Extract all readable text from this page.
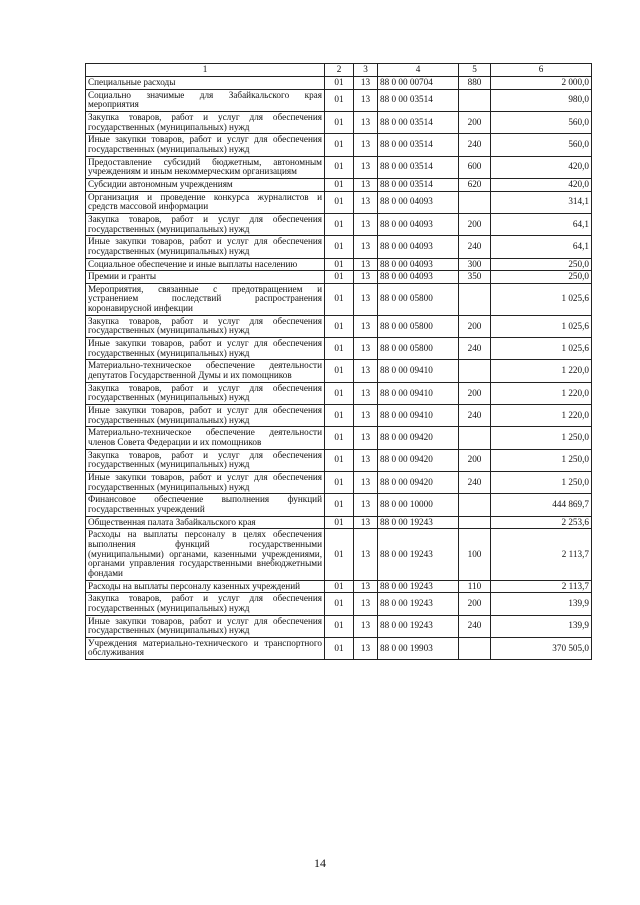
1	2	3	4	5	6
Специальные расходы	01	13	88 0 00 00704	880	2 000,0
Социально значимые для Забайкальского края мероприятия	01	13	88 0 00 03514		980,0
Закупка товаров, работ и услуг для обеспечения государственных (муниципальных) нужд	01	13	88 0 00 03514	200	560,0
Иные закупки товаров, работ и услуг для обеспечения государственных (муниципальных) нужд	01	13	88 0 00 03514	240	560,0
Предоставление субсидий бюджетным, автономным учреждениям и иным некоммерческим организациям	01	13	88 0 00 03514	600	420,0
Субсидии автономным учреждениям	01	13	88 0 00 03514	620	420,0
Организация и проведение конкурса журналистов и средств массовой информации	01	13	88 0 00 04093		314,1
Закупка товаров, работ и услуг для обеспечения государственных (муниципальных) нужд	01	13	88 0 00 04093	200	64,1
Иные закупки товаров, работ и услуг для обеспечения государственных (муниципальных) нужд	01	13	88 0 00 04093	240	64,1
Социальное обеспечение и иные выплаты населению	01	13	88 0 00 04093	300	250,0
Премии и гранты	01	13	88 0 00 04093	350	250,0
Мероприятия, связанные с предотвращением и устранением последствий распространения коронавирусной инфекции	01	13	88 0 00 05800		1 025,6
Закупка товаров, работ и услуг для обеспечения государственных (муниципальных) нужд	01	13	88 0 00 05800	200	1 025,6
Иные закупки товаров, работ и услуг для обеспечения государственных (муниципальных) нужд	01	13	88 0 00 05800	240	1 025,6
Материально-техническое обеспечение деятельности депутатов Государственной Думы и их помощников	01	13	88 0 00 09410		1 220,0
Закупка товаров, работ и услуг для обеспечения государственных (муниципальных) нужд	01	13	88 0 00 09410	200	1 220,0
Иные закупки товаров, работ и услуг для обеспечения государственных (муниципальных) нужд	01	13	88 0 00 09410	240	1 220,0
Материально-техническое обеспечение деятельности членов Совета Федерации и их помощников	01	13	88 0 00 09420		1 250,0
Закупка товаров, работ и услуг для обеспечения государственных (муниципальных) нужд	01	13	88 0 00 09420	200	1 250,0
Иные закупки товаров, работ и услуг для обеспечения государственных (муниципальных) нужд	01	13	88 0 00 09420	240	1 250,0
Финансовое обеспечение выполнения функций государственных учреждений	01	13	88 0 00 10000		444 869,7
Общественная палата Забайкальского края	01	13	88 0 00 19243		2 253,6
Расходы на выплаты персоналу в целях обеспечения выполнения функций государственными (муниципальными) органами, казенными учреждениями, органами управления государственными внебюджетными фондами	01	13	88 0 00 19243	100	2 113,7
Расходы на выплаты персоналу казенных учреждений	01	13	88 0 00 19243	110	2 113,7
Закупка товаров, работ и услуг для обеспечения государственных (муниципальных) нужд	01	13	88 0 00 19243	200	139,9
Иные закупки товаров, работ и услуг для обеспечения государственных (муниципальных) нужд	01	13	88 0 00 19243	240	139,9
Учреждения материально-технического и транспортного обслуживания	01	13	88 0 00 19903		370 505,0
14
